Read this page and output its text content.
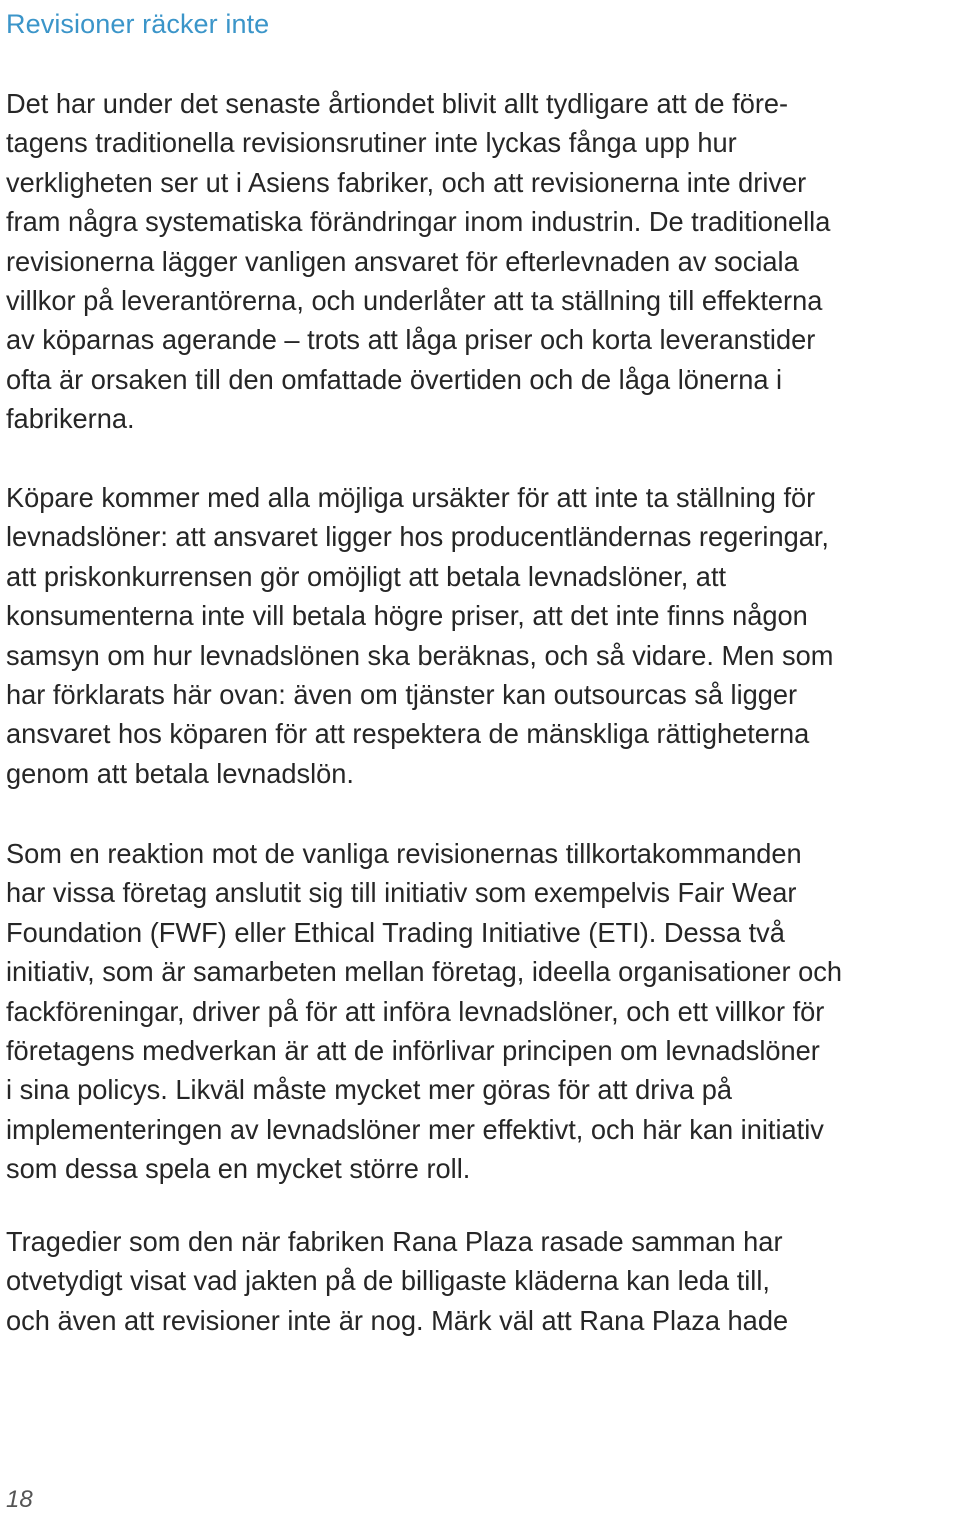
Revisioner räcker inte

Det har under det senaste årtiondet blivit allt tydligare att de före-
tagens traditionella revisionsrutiner inte lyckas fånga upp hur
verkligheten ser ut i Asiens fabriker, och att revisionerna inte driver
fram några systematiska förändringar inom industrin. De traditionella
revisionerna lägger vanligen ansvaret för efterlevnaden av sociala
villkor på leverantörerna, och underlåter att ta ställning till effekterna
av köparnas agerande – trots att låga priser och korta leveranstider
ofta är orsaken till den omfattade övertiden och de låga lönerna i
fabrikerna.

Köpare kommer med alla möjliga ursäkter för att inte ta ställning för
levnadslöner: att ansvaret ligger hos producentländernas regeringar,
att priskonkurrensen gör omöjligt att betala levnadslöner, att
konsumenterna inte vill betala högre priser, att det inte finns någon
samsyn om hur levnadslönen ska beräknas, och så vidare. Men som
har förklarats här ovan: även om tjänster kan outsourcas så ligger
ansvaret hos köparen för att respektera de mänskliga rättigheterna
genom att betala levnadslön.

Som en reaktion mot de vanliga revisionernas tillkortakommanden
har vissa företag anslutit sig till initiativ som exempelvis Fair Wear
Foundation (FWF) eller Ethical Trading Initiative (ETI). Dessa två
initiativ, som är samarbeten mellan företag, ideella organisationer och
fackföreningar, driver på för att införa levnadslöner, och ett villkor för
företagens medverkan är att de införlivar principen om levnadslöner
i sina policys. Likväl måste mycket mer göras för att driva på
implementeringen av levnadslöner mer effektivt, och här kan initiativ
som dessa spela en mycket större roll.

Tragedier som den när fabriken Rana Plaza rasade samman har
otvetydigt visat vad jakten på de billigaste kläderna kan leda till,
och även att revisioner inte är nog. Märk väl att Rana Plaza hade

18
